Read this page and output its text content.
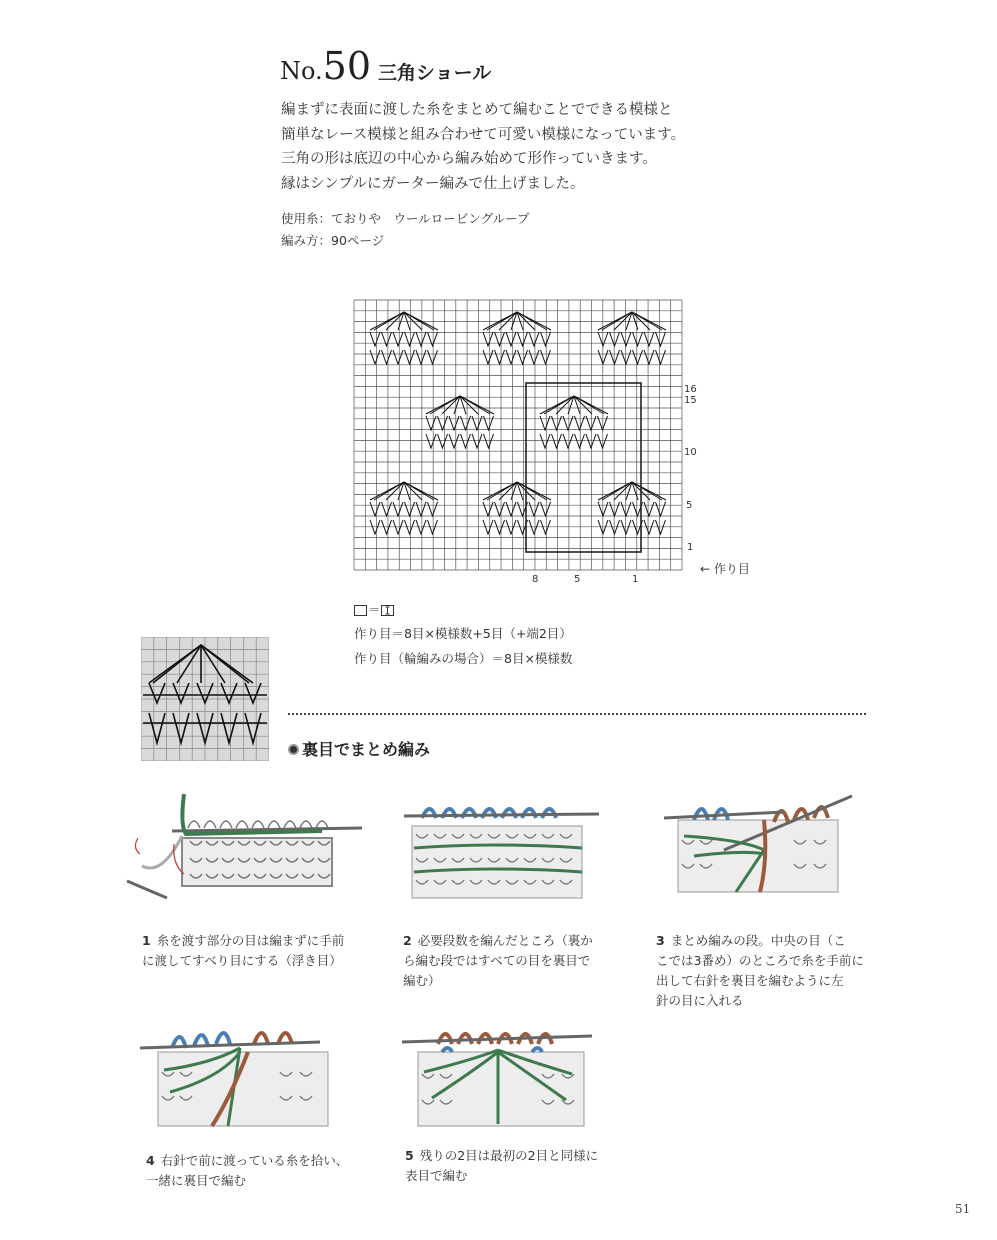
No.50 三角ショール
編まずに表面に渡した糸をまとめて編むことでできる模様と
簡単なレース模様と組み合わせて可愛い模様になっています。
三角の形は底辺の中心から編み始めて形作っていきます。
縁はシンプルにガーター編みで仕上げました。
使用糸：ておりや　ウールロービングループ
編み方：90ページ
16
15
10
5
1
8	5	1
← 作り目
＝
作り目＝8目×模様数+5目（+端2目）
作り目（輪編みの場合）＝8目×模様数
裏目でまとめ編み
1 糸を渡す部分の目は編まずに手前
に渡してすべり目にする（浮き目）
2 必要段数を編んだところ（裏か
ら編む段ではすべての目を裏目で
編む）
3 まとめ編みの段。中央の目（こ
こでは3番め）のところで糸を手前に
出して右針を裏目を編むように左
針の目に入れる
4 右針で前に渡っている糸を拾い、
一緒に裏目で編む
5 残りの2目は最初の2目と同様に
表目で編む
51
